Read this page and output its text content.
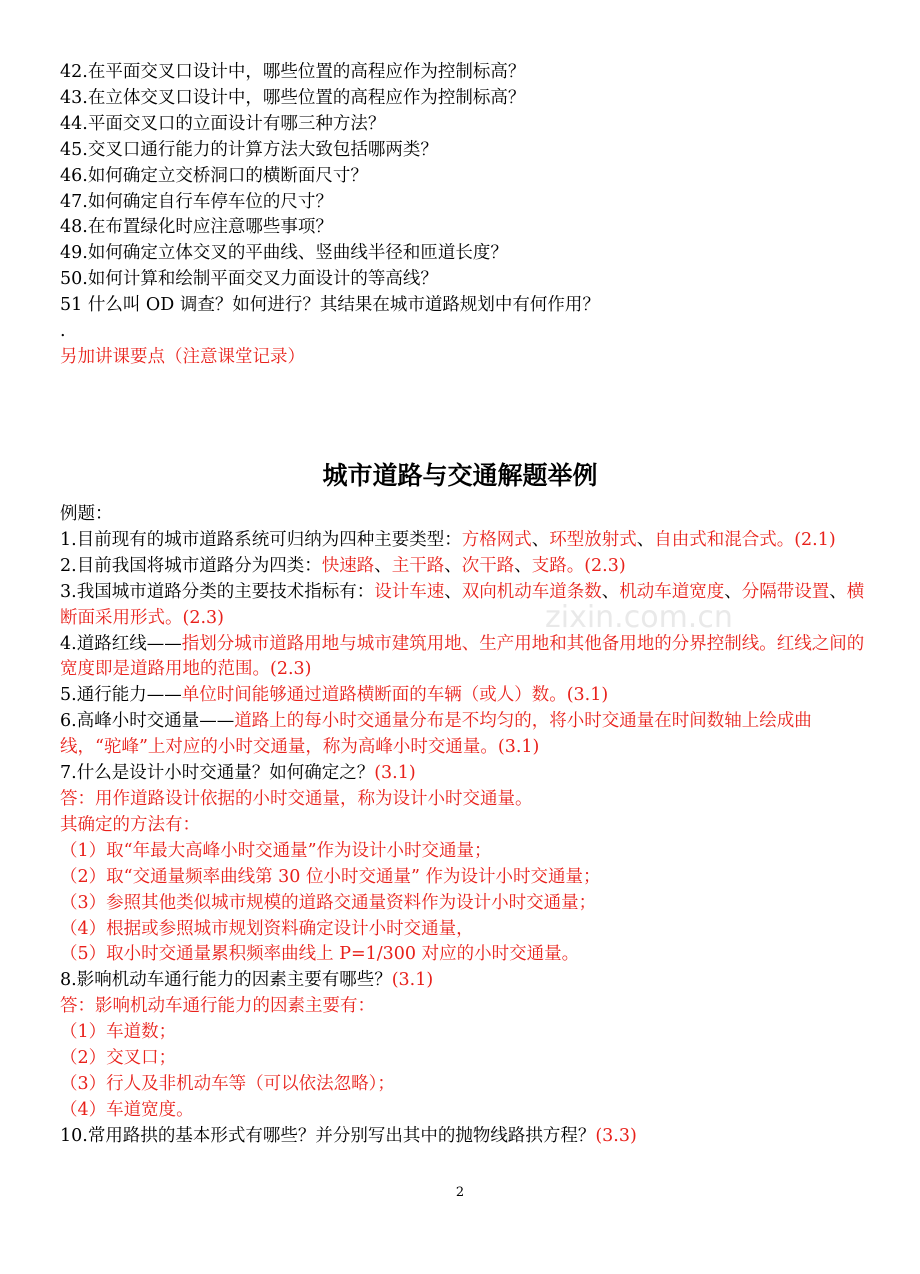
zixin.com.cn

42.在平面交叉口设计中，哪些位置的高程应作为控制标高？

43.在立体交叉口设计中，哪些位置的高程应作为控制标高？

44.平面交叉口的立面设计有哪三种方法？

45.交叉口通行能力的计算方法大致包括哪两类？

46.如何确定立交桥洞口的横断面尺寸？

47.如何确定自行车停车位的尺寸？

48.在布置绿化时应注意哪些事项？

49.如何确定立体交叉的平曲线、竖曲线半径和匝道长度？

50.如何计算和绘制平面交叉力面设计的等高线？

51 什么叫 OD 调查？如何进行？其结果在城市道路规划中有何作用？

.

另加讲课要点（注意课堂记录）

城市道路与交通解题举例

例题：

1.目前现有的城市道路系统可归纳为四种主要类型：方格网式、环型放射式、自由式和混合式。(2.1)

2.目前我国将城市道路分为四类：快速路、主干路、次干路、支路。(2.3)

3.我国城市道路分类的主要技术指标有：设计车速、双向机动车道条数、机动车道宽度、分隔带设置、横断面采用形式。(2.3)

4.道路红线——指划分城市道路用地与城市建筑用地、生产用地和其他备用地的分界控制线。红线之间的宽度即是道路用地的范围。(2.3)

5.通行能力——单位时间能够通过道路横断面的车辆（或人）数。(3.1)

6.高峰小时交通量——道路上的每小时交通量分布是不均匀的，将小时交通量在时间数轴上绘成曲线，“驼峰”上对应的小时交通量，称为高峰小时交通量。(3.1)

7.什么是设计小时交通量？如何确定之？(3.1)

答：用作道路设计依据的小时交通量，称为设计小时交通量。

其确定的方法有：

（1）取“年最大高峰小时交通量”作为设计小时交通量；

（2）取“交通量频率曲线第 30 位小时交通量” 作为设计小时交通量；

（3）参照其他类似城市规模的道路交通量资料作为设计小时交通量；

（4）根据或参照城市规划资料确定设计小时交通量，

（5）取小时交通量累积频率曲线上 P=1/300 对应的小时交通量。

8.影响机动车通行能力的因素主要有哪些？(3.1)

答：影响机动车通行能力的因素主要有：

（1）车道数；

（2）交叉口；

（3）行人及非机动车等（可以依法忽略）；

（4）车道宽度。

10.常用路拱的基本形式有哪些？并分别写出其中的抛物线路拱方程？(3.3)

2
